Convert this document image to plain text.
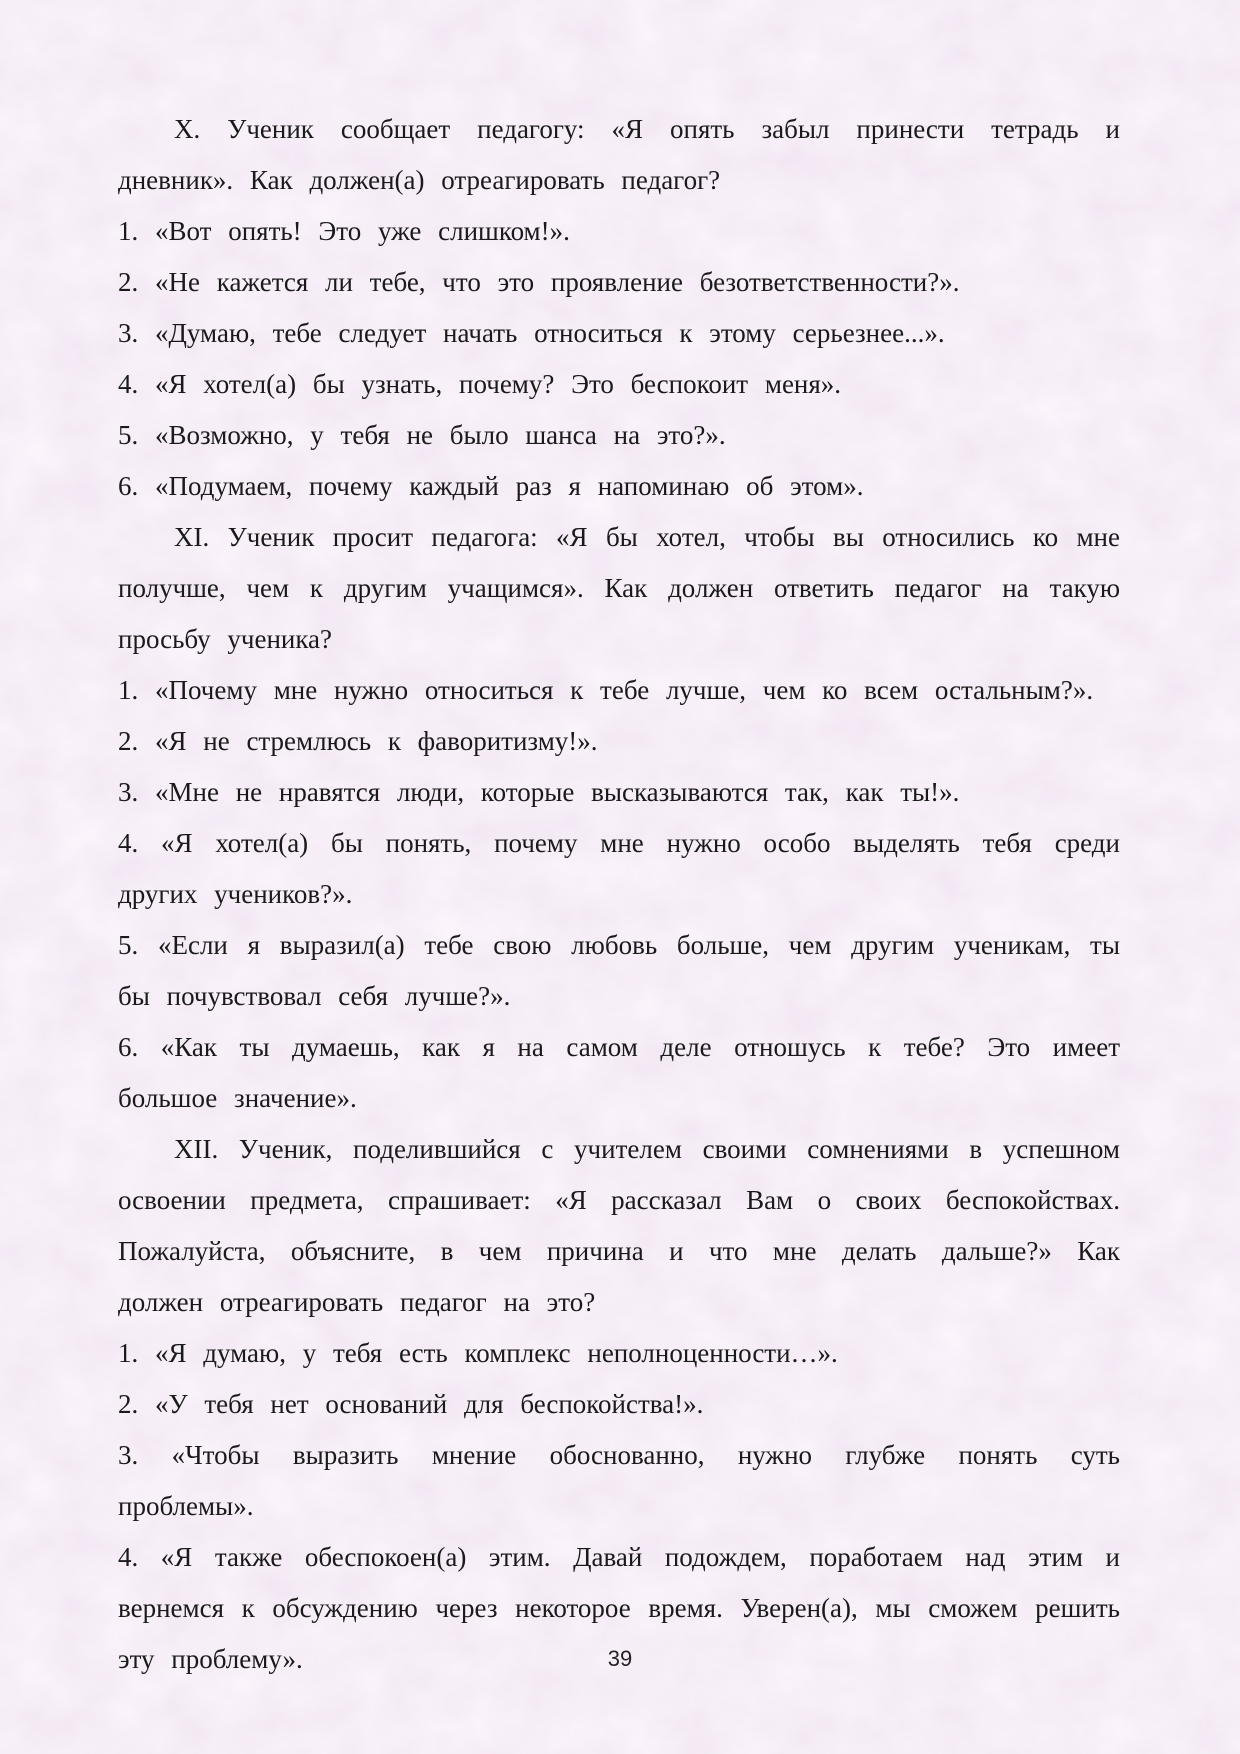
X. Ученик сообщает педагогу: «Я опять забыл принести тетрадь и дневник». Как должен(а) отреагировать педагог?

1. «Вот опять! Это уже слишком!».

2. «Не кажется ли тебе, что это проявление безответственности?».

3. «Думаю, тебе следует начать относиться к этому серьезнее...».

4. «Я хотел(а) бы узнать, почему? Это беспокоит меня».

5. «Возможно, у тебя не было шанса на это?».

6. «Подумаем, почему каждый раз я напоминаю об этом».

XI. Ученик просит педагога: «Я бы хотел, чтобы вы относились ко мне получше, чем к другим учащимся». Как должен ответить педагог на такую просьбу ученика?

1. «Почему мне нужно относиться к тебе лучше, чем ко всем остальным?».

2. «Я не стремлюсь к фаворитизму!».

3. «Мне не нравятся люди, которые высказываются так, как ты!».

4. «Я хотел(а) бы понять, почему мне нужно особо выделять тебя среди других учеников?».

5. «Если я выразил(а) тебе свою любовь больше, чем другим ученикам, ты бы почувствовал себя лучше?».

6. «Как ты думаешь, как я на самом деле отношусь к тебе? Это имеет большое значение».

XII. Ученик, поделившийся с учителем своими сомнениями в успешном освоении предмета, спрашивает: «Я рассказал Вам о своих беспокойствах. Пожалуйста, объясните, в чем причина и что мне делать дальше?» Как должен отреагировать педагог на это?

1. «Я думаю, у тебя есть комплекс неполноценности…».

2. «У тебя нет оснований для беспокойства!».

3. «Чтобы выразить мнение обоснованно, нужно глубже понять суть проблемы».

4. «Я также обеспокоен(а) этим. Давай подождем, поработаем над этим и вернемся к обсуждению через некоторое время. Уверен(а), мы сможем решить эту проблему».	39
